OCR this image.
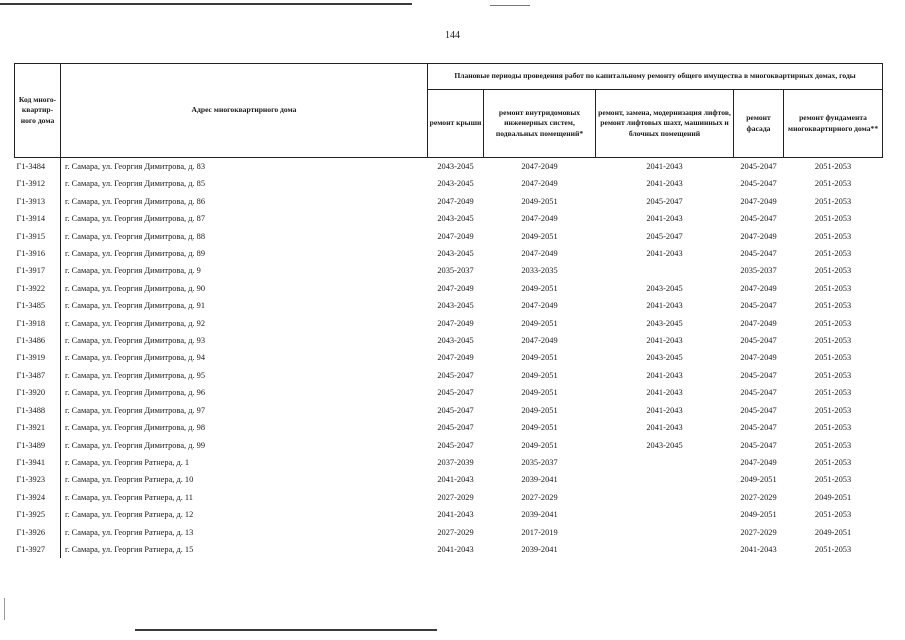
144
Код много-квартир-ного дома	Адрес многоквартирного дома	Плановые периоды проведения работ по капитальному ремонту общего имущества в многоквартирных домах, годы				
		ремонт крыши	ремонт внутридомовых инженерных систем, подвальных помещений*	ремонт, замена, модернизация лифтов, ремонт лифтовых шахт, машинных и блочных помещений	ремонт фасада	ремонт фундамента многоквартирного дома**
Г1-3484	г. Самара, ул. Георгия Димитрова, д. 83	2043-2045	2047-2049	2041-2043	2045-2047	2051-2053
Г1-3912	г. Самара, ул. Георгия Димитрова, д. 85	2043-2045	2047-2049	2041-2043	2045-2047	2051-2053
Г1-3913	г. Самара, ул. Георгия Димитрова, д. 86	2047-2049	2049-2051	2045-2047	2047-2049	2051-2053
Г1-3914	г. Самара, ул. Георгия Димитрова, д. 87	2043-2045	2047-2049	2041-2043	2045-2047	2051-2053
Г1-3915	г. Самара, ул. Георгия Димитрова, д. 88	2047-2049	2049-2051	2045-2047	2047-2049	2051-2053
Г1-3916	г. Самара, ул. Георгия Димитрова, д. 89	2043-2045	2047-2049	2041-2043	2045-2047	2051-2053
Г1-3917	г. Самара, ул. Георгия Димитрова, д. 9	2035-2037	2033-2035		2035-2037	2051-2053
Г1-3922	г. Самара, ул. Георгия Димитрова, д. 90	2047-2049	2049-2051	2043-2045	2047-2049	2051-2053
Г1-3485	г. Самара, ул. Георгия Димитрова, д. 91	2043-2045	2047-2049	2041-2043	2045-2047	2051-2053
Г1-3918	г. Самара, ул. Георгия Димитрова, д. 92	2047-2049	2049-2051	2043-2045	2047-2049	2051-2053
Г1-3486	г. Самара, ул. Георгия Димитрова, д. 93	2043-2045	2047-2049	2041-2043	2045-2047	2051-2053
Г1-3919	г. Самара, ул. Георгия Димитрова, д. 94	2047-2049	2049-2051	2043-2045	2047-2049	2051-2053
Г1-3487	г. Самара, ул. Георгия Димитрова, д. 95	2045-2047	2049-2051	2041-2043	2045-2047	2051-2053
Г1-3920	г. Самара, ул. Георгия Димитрова, д. 96	2045-2047	2049-2051	2041-2043	2045-2047	2051-2053
Г1-3488	г. Самара, ул. Георгия Димитрова, д. 97	2045-2047	2049-2051	2041-2043	2045-2047	2051-2053
Г1-3921	г. Самара, ул. Георгия Димитрова, д. 98	2045-2047	2049-2051	2041-2043	2045-2047	2051-2053
Г1-3489	г. Самара, ул. Георгия Димитрова, д. 99	2045-2047	2049-2051	2043-2045	2045-2047	2051-2053
Г1-3941	г. Самара, ул. Георгия Ратнера, д. 1	2037-2039	2035-2037		2047-2049	2051-2053
Г1-3923	г. Самара, ул. Георгия Ратнера, д. 10	2041-2043	2039-2041		2049-2051	2051-2053
Г1-3924	г. Самара, ул. Георгия Ратнера, д. 11	2027-2029	2027-2029		2027-2029	2049-2051
Г1-3925	г. Самара, ул. Георгия Ратнера, д. 12	2041-2043	2039-2041		2049-2051	2051-2053
Г1-3926	г. Самара, ул. Георгия Ратнера, д. 13	2027-2029	2017-2019		2027-2029	2049-2051
Г1-3927	г. Самара, ул. Георгия Ратнера, д. 15	2041-2043	2039-2041		2041-2043	2051-2053
